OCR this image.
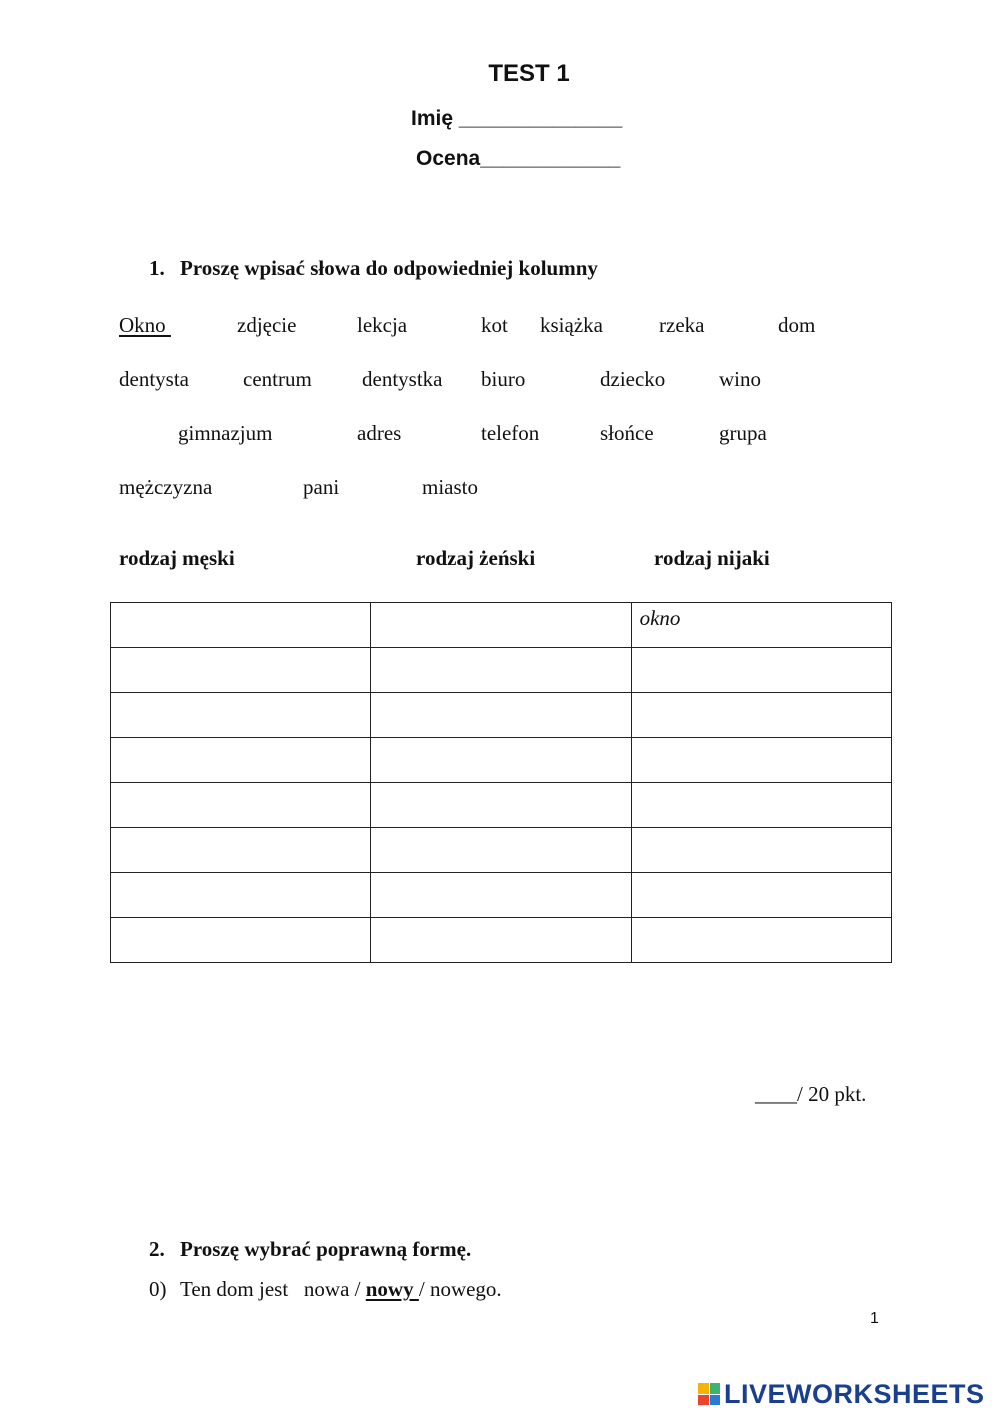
TEST 1
Imię ______________
Ocena____________
1. Proszę wpisać słowa do odpowiedniej kolumny
Okno	zdjęcie	lekcja	kot książka	rzeka	dom
dentysta	centrum dentystka biuro	dziecko	wino
gimnazjum	adres	telefon	słońce	grupa
mężczyzna	pani	miasto
rodzaj męski	rodzaj żeński	rodzaj nijaki
		okno

____/ 20 pkt.
2. Proszę wybrać poprawną formę.
0) Ten dom jest   nowa / nowy / nowego.
1
LIVEWORKSHEETS
